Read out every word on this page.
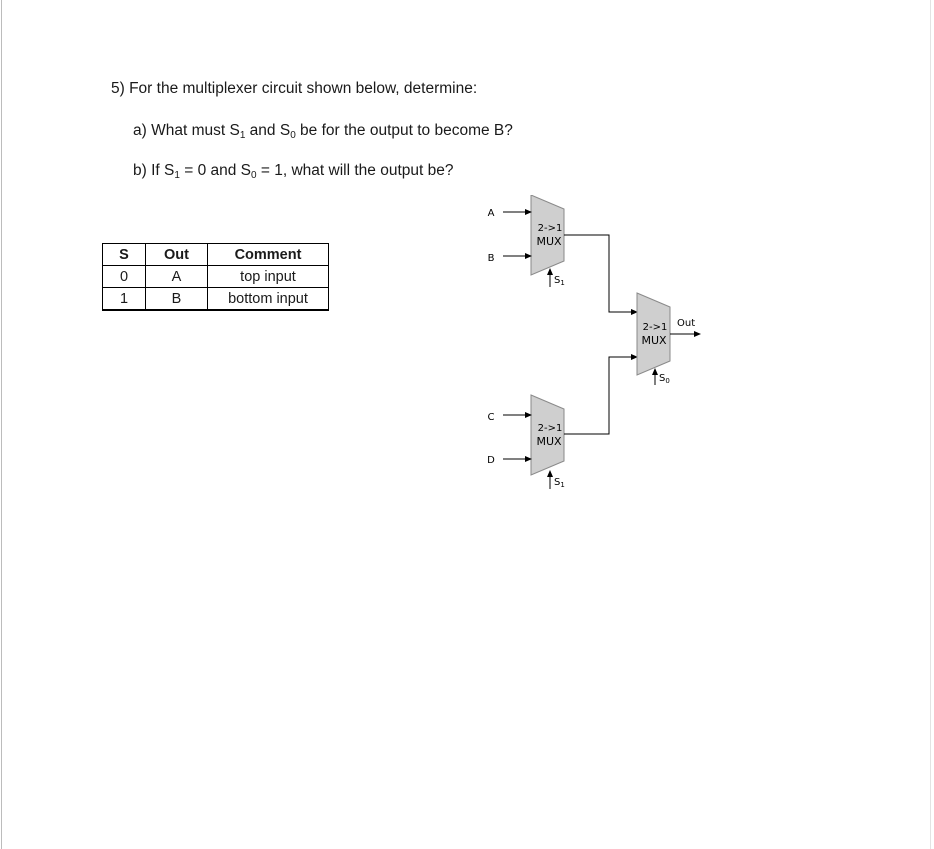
5) For the multiplexer circuit shown below, determine:
a) What must $S_1$ and $S_0$ be for the output to become B?
b) If $S_1 = 0$ and $S_0 = 1$, what will the output be?
S	Out	Comment
0	A	top input
1	B	bottom input
2->1
MUX
A
B
$S_1$
2->1
MUX
C
D
$S_1$
2->1
MUX
Out
$S_0$
